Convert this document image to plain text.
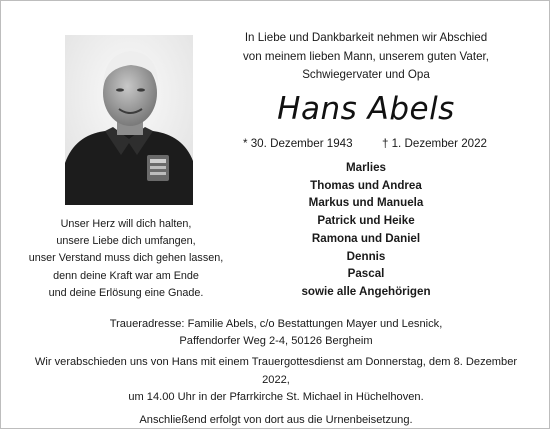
In Liebe und Dankbarkeit nehmen wir Abschied
von meinem lieben Mann, unserem guten Vater,
Schwiegervater und Opa
Hans Abels
* 30. Dezember 1943	† 1. Dezember 2022
Marlies
Thomas und Andrea
Markus und Manuela
Patrick und Heike
Ramona und Daniel
Dennis
Pascal
sowie alle Angehörigen
Unser Herz will dich halten,
unsere Liebe dich umfangen,
unser Verstand muss dich gehen lassen,
denn deine Kraft war am Ende
und deine Erlösung eine Gnade.
Traueradresse: Familie Abels, c/o Bestattungen Mayer und Lesnick,
Paffendorfer Weg 2-4, 50126 Bergheim
Wir verabschieden uns von Hans mit einem Trauergottesdienst am Donnerstag, dem 8. Dezember 2022,
um 14.00 Uhr in der Pfarrkirche St. Michael in Hüchelhoven.
Anschließend erfolgt von dort aus die Urnenbeisetzung.
